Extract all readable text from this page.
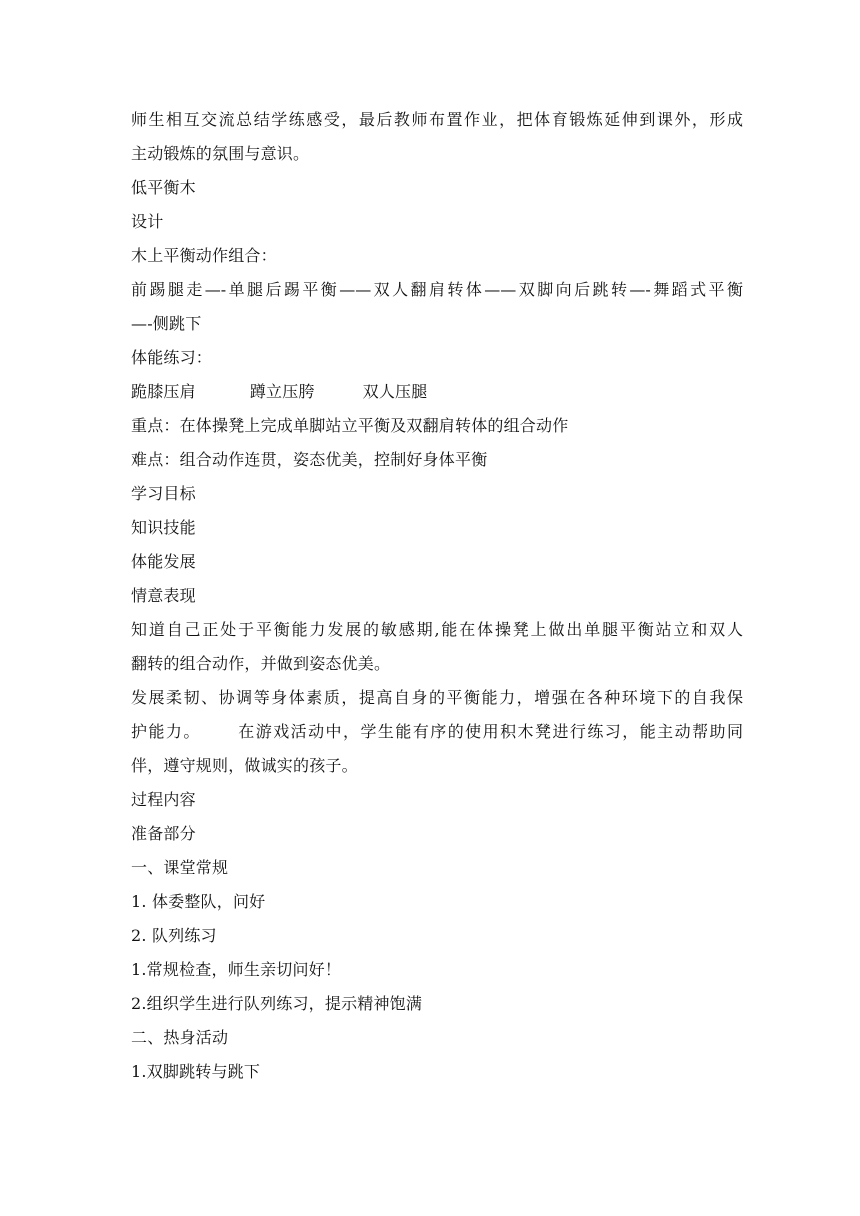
师生相互交流总结学练感受，最后教师布置作业，把体育锻炼延伸到课外，形成
主动锻炼的氛围与意识。
低平衡木
设计
木上平衡动作组合：
前踢腿走—-单腿后踢平衡——双人翻肩转体——双脚向后跳转—-舞蹈式平衡
—-侧跳下
体能练习：
跪膝压肩	蹲立压胯	双人压腿
重点：在体操凳上完成单脚站立平衡及双翻肩转体的组合动作
难点：组合动作连贯，姿态优美，控制好身体平衡
学习目标
知识技能
体能发展
情意表现
知道自己正处于平衡能力发展的敏感期,能在体操凳上做出单腿平衡站立和双人
翻转的组合动作，并做到姿态优美。
发展柔韧、协调等身体素质，提高自身的平衡能力，增强在各种环境下的自我保
护能力。 在游戏活动中，学生能有序的使用积木凳进行练习，能主动帮助同
伴，遵守规则，做诚实的孩子。
过程内容
准备部分
一、课堂常规
1. 体委整队，问好
2. 队列练习
1.常规检查，师生亲切问好！
2.组织学生进行队列练习，提示精神饱满
二、热身活动
1.双脚跳转与跳下
